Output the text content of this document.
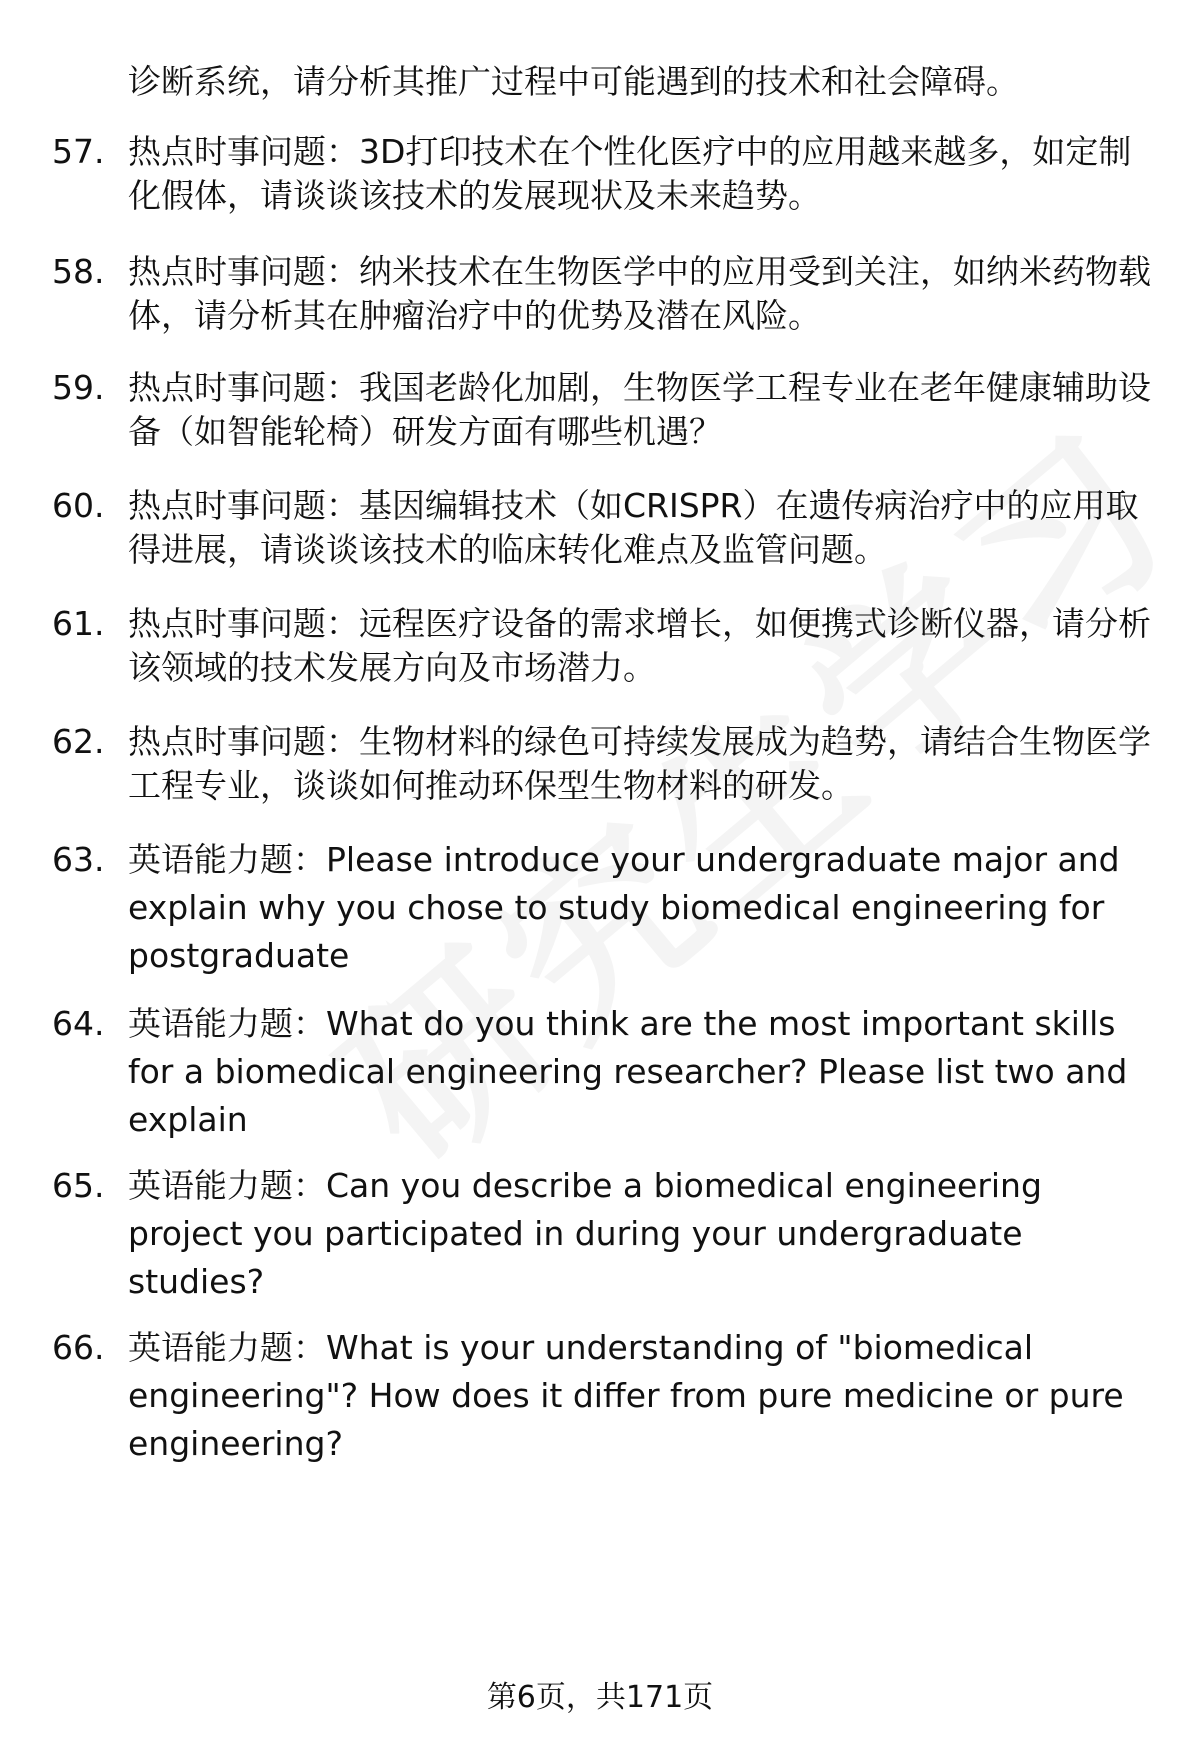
诊断系统，请分析其推广过程中可能遇到的技术和社会障碍。
57. 热点时事问题：3D打印技术在个性化医疗中的应用越来越多，如定制化假体，请谈谈该技术的发展现状及未来趋势。
58. 热点时事问题：纳米技术在生物医学中的应用受到关注，如纳米药物载体，请分析其在肿瘤治疗中的优势及潜在风险。
59. 热点时事问题：我国老龄化加剧，生物医学工程专业在老年健康辅助设备（如智能轮椅）研发方面有哪些机遇？
60. 热点时事问题：基因编辑技术（如CRISPR）在遗传病治疗中的应用取得进展，请谈谈该技术的临床转化难点及监管问题。
61. 热点时事问题：远程医疗设备的需求增长，如便携式诊断仪器，请分析该领域的技术发展方向及市场潜力。
62. 热点时事问题：生物材料的绿色可持续发展成为趋势，请结合生物医学工程专业，谈谈如何推动环保型生物材料的研发。
63. 英语能力题：Please introduce your undergraduate major and explain why you chose to study biomedical engineering for postgraduate
64. 英语能力题：What do you think are the most important skills for a biomedical engineering researcher? Please list two and explain
65. 英语能力题：Can you describe a biomedical engineering project you participated in during your undergraduate studies?
66. 英语能力题：What is your understanding of "biomedical engineering"? How does it differ from pure medicine or pure engineering?
第6页，共171页
